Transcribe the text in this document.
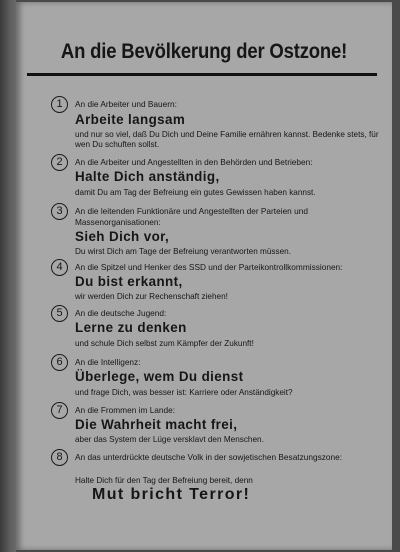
An die Bevölkerung der Ostzone!
1	An die Arbeiter und Bauern:
Arbeite langsam
und nur so viel, daß Du Dich und Deine Familie ernähren kannst. Bedenke stets, für wen Du schuften sollst.
2	An die Arbeiter und Angestellten in den Behörden und Betrieben:
Halte Dich anständig,
damit Du am Tag der Befreiung ein gutes Gewissen haben kannst.
3	An die leitenden Funktionäre und Angestellten der Parteien und Massenorganisationen:
Sieh Dich vor,
Du wirst Dich am Tage der Befreiung verantworten müssen.
4	An die Spitzel und Henker des SSD und der Parteikontrollkommissionen:
Du bist erkannt,
wir werden Dich zur Rechenschaft ziehen!
5	An die deutsche Jugend:
Lerne zu denken
und schule Dich selbst zum Kämpfer der Zukunft!
6	An die Intelligenz:
Überlege, wem Du dienst
und frage Dich, was besser ist: Karriere oder Anständigkeit?
7	An die Frommen im Lande:
Die Wahrheit macht frei,
aber das System der Lüge versklavt den Menschen.
8	An das unterdrückte deutsche Volk in der sowjetischen Besatzungszone:
Halte Dich für den Tag der Befreiung bereit, denn
Mut bricht Terror!
